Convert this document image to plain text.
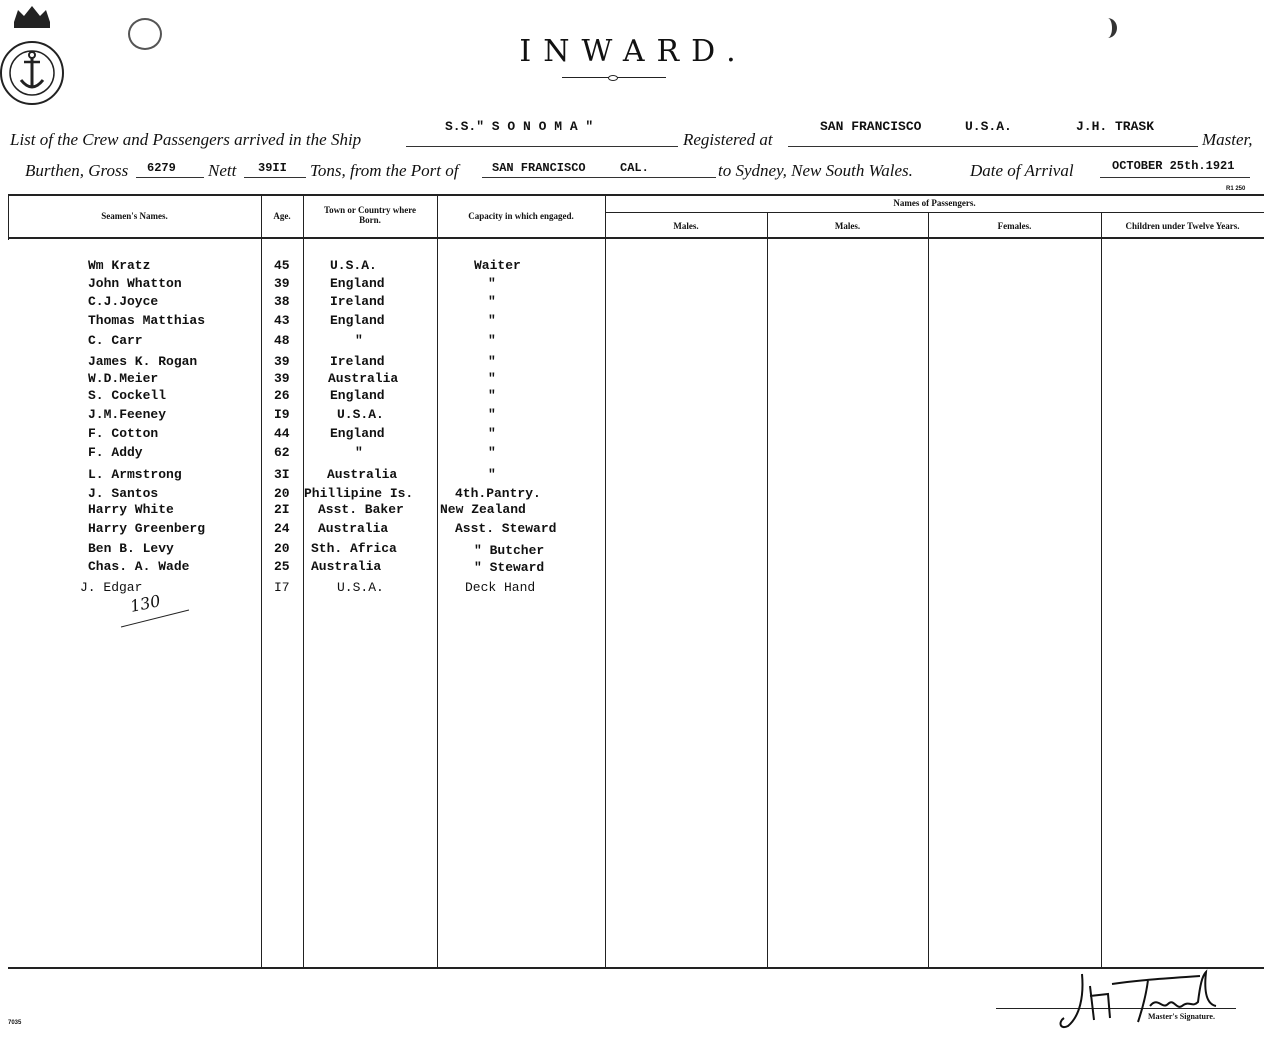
INWARD.
List of the Crew and Passengers arrived in the Ship
S.S." S O N O M A "
Registered at
SAN FRANCISCO	U.S.A.	J.H. TRASK
Master,
Burthen, Gross 6279 Nett 39II Tons, from the Port of	SAN FRANCISCO	CAL.	to Sydney, New South Wales.	Date of Arrival	OCTOBER 25th.1921
R1 250
Seamen's Names.	Age.
Town or Country where Born.	Capacity in which engaged.
Names of Passengers.
Males.	Males.	Females.	Children under Twelve Years.
Wm Kratz	45	U.S.A.	Waiter
John Whatton	39	England	"
C.J.Joyce	38	Ireland	"
Thomas Matthias	43	England	"
C. Carr	48	"	"
James K. Rogan	39	Ireland	"
W.D.Meier	39	Australia	"
S. Cockell	26	England	"
J.M.Feeney	I9	U.S.A.	"
F. Cotton	44	England	"
F. Addy	62	"	"
L. Armstrong	3I	Australia	"
J. Santos	20 Phillipine Is.	4th.Pantry.
Harry White	2I Asst. Baker	New Zealand
Harry Greenberg	24 Australia	Asst. Steward
Ben B. Levy	20 Sth. Africa	" Butcher
Chas. A. Wade	25 Australia	" Steward
J. Edgar	I7	U.S.A.	Deck Hand
130
Master's Signature.
7035
